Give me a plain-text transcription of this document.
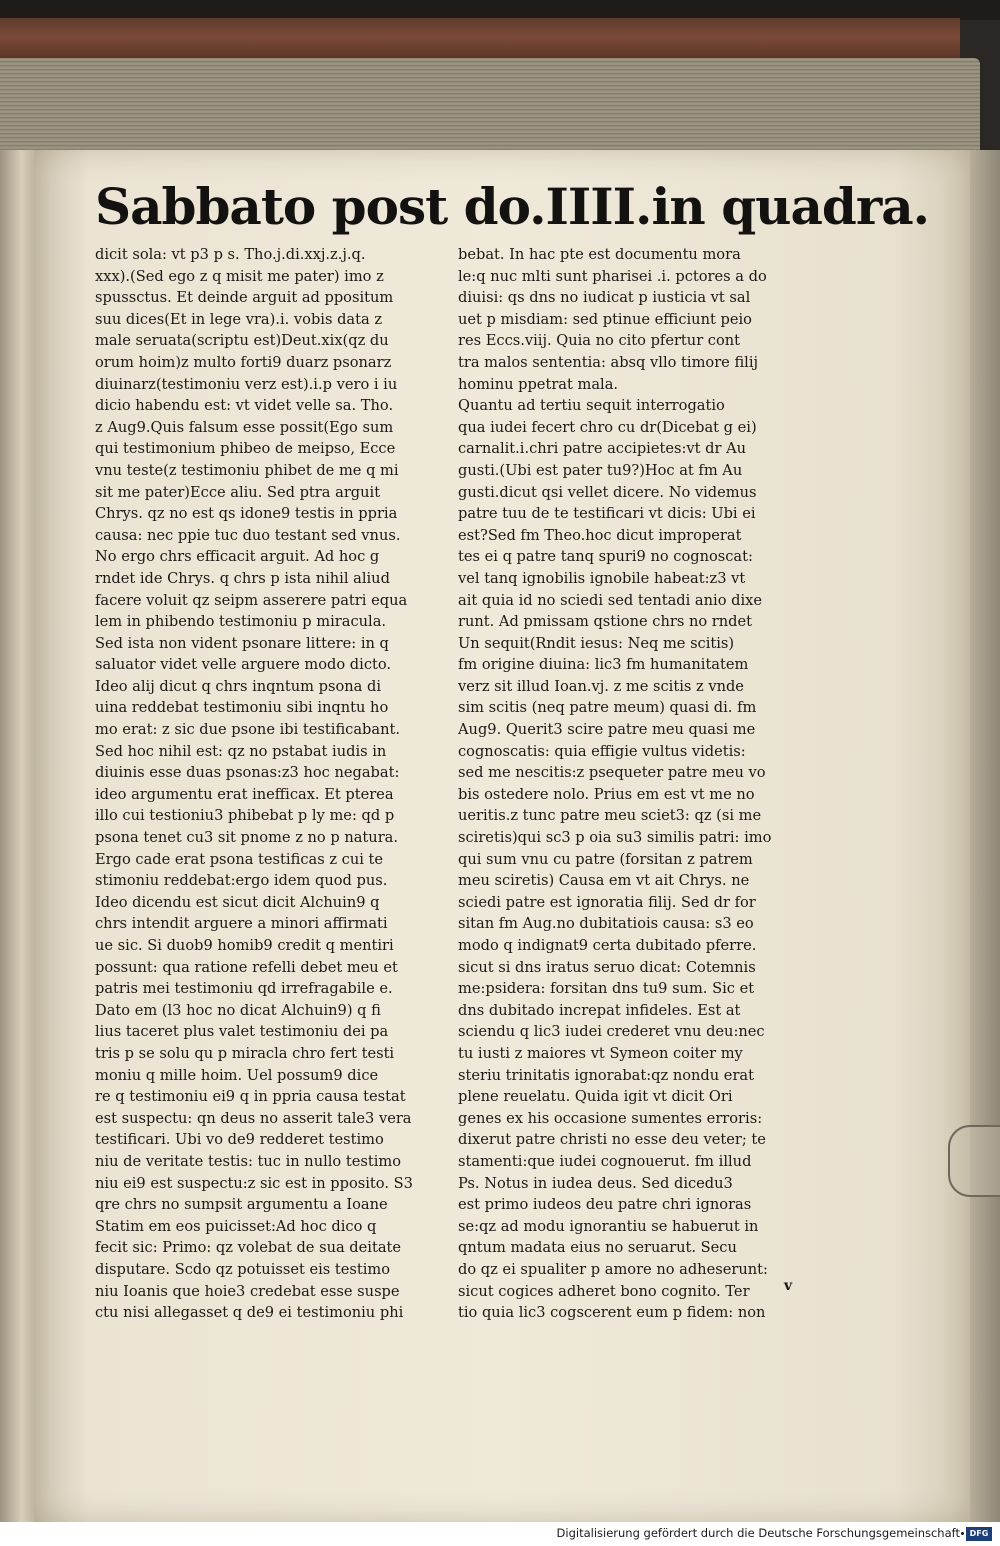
Sabbato post do.IIII.in quadra.
dicit sola: vt p3 p s. Tho.j.di.xxj.z.j.q.
xxx).(Sed ego z q misit me pater) imo z
spussctus. Et deinde arguit ad ppositum
suu dices(Et in lege vra).i. vobis data z
male seruata(scriptu est)Deut.xix(qz du
orum hoim)z multo forti9 duarz psonarz
diuinarz(testimoniu verz est).i.p vero i iu
dicio habendu est: vt videt velle sa. Tho.
z Aug9.Quis falsum esse possit(Ego sum
qui testimonium phibeo de meipso, Ecce
vnu teste(z testimoniu phibet de me q mi
sit me pater)Ecce aliu. Sed ptra arguit
Chrys. qz no est qs idone9 testis in ppria
causa: nec ppie tuc duo testant sed vnus.
No ergo chrs efficacit arguit. Ad hoc g
rndet ide Chrys. q chrs p ista nihil aliud
facere voluit qz seipm asserere patri equa
lem in phibendo testimoniu p miracula.
Sed ista non vident psonare littere: in q
saluator videt velle arguere modo dicto.
Ideo alij dicut q chrs inqntum psona di
uina reddebat testimoniu sibi inqntu ho
mo erat: z sic due psone ibi testificabant.
Sed hoc nihil est: qz no pstabat iudis in
diuinis esse duas psonas:z3 hoc negabat:
ideo argumentu erat inefficax. Et pterea
illo cui testioniu3 phibebat p ly me: qd p
psona tenet cu3 sit pnome z no p natura.
Ergo cade erat psona testificas z cui te
stimoniu reddebat:ergo idem quod pus.
Ideo dicendu est sicut dicit Alchuin9 q
chrs intendit arguere a minori affirmati
ue sic. Si duob9 homib9 credit q mentiri
possunt: qua ratione refelli debet meu et
patris mei testimoniu qd irrefragabile e.
Dato em (l3 hoc no dicat Alchuin9) q fi
lius taceret plus valet testimoniu dei pa
tris p se solu qu p miracla chro fert testi
moniu q mille hoim. Uel possum9 dice
re q testimoniu ei9 q in ppria causa testat
est suspectu: qn deus no asserit tale3 vera
testificari. Ubi vo de9 redderet testimo
niu de veritate testis: tuc in nullo testimo
niu ei9 est suspectu:z sic est in pposito. S3
qre chrs no sumpsit argumentu a Ioane
Statim em eos puicisset:Ad hoc dico q
fecit sic: Primo: qz volebat de sua deitate
disputare. Scdo qz potuisset eis testimo
niu Ioanis que hoie3 credebat esse suspe
ctu nisi allegasset q de9 ei testimoniu phi
bebat. In hac pte est documentu mora
le:q nuc mlti sunt pharisei .i. pctores a do
diuisi: qs dns no iudicat p iusticia vt sal
uet p misdiam: sed ptinue efficiunt peio
res Eccs.viij. Quia no cito pfertur cont
tra malos sententia: absq vllo timore filij
hominu ppetrat mala.
Quantu ad tertiu sequit interrogatio
qua iudei fecert chro cu dr(Dicebat g ei)
carnalit.i.chri patre accipietes:vt dr Au
gusti.(Ubi est pater tu9?)Hoc at fm Au
gusti.dicut qsi vellet dicere. No videmus
patre tuu de te testificari vt dicis: Ubi ei
est?Sed fm Theo.hoc dicut improperat
tes ei q patre tanq spuri9 no cognoscat:
vel tanq ignobilis ignobile habeat:z3 vt
ait quia id no sciedi sed tentadi anio dixe
runt. Ad pmissam qstione chrs no rndet
Un sequit(Rndit iesus: Neq me scitis)
fm origine diuina: lic3 fm humanitatem
verz sit illud Ioan.vj. z me scitis z vnde
sim scitis (neq patre meum) quasi di. fm
Aug9. Querit3 scire patre meu quasi me
cognoscatis: quia effigie vultus videtis:
sed me nescitis:z psequeter patre meu vo
bis ostedere nolo. Prius em est vt me no
ueritis.z tunc patre meu sciet3: qz (si me
sciretis)qui sc3 p oia su3 similis patri: imo
qui sum vnu cu patre (forsitan z patrem
meu sciretis) Causa em vt ait Chrys. ne
sciedi patre est ignoratia filij. Sed dr for
sitan fm Aug.no dubitatiois causa: s3 eo
modo q indignat9 certa dubitado pferre.
sicut si dns iratus seruo dicat: Cotemnis
me:psidera: forsitan dns tu9 sum. Sic et
dns dubitado increpat infideles. Est at
sciendu q lic3 iudei crederet vnu deu:nec
tu iusti z maiores vt Symeon coiter my
steriu trinitatis ignorabat:qz nondu erat
plene reuelatu. Quida igit vt dicit Ori
genes ex his occasione sumentes erroris:
dixerut patre christi no esse deu veter; te
stamenti:que iudei cognouerut. fm illud
Ps. Notus in iudea deus. Sed dicedu3
est primo iudeos deu patre chri ignoras
se:qz ad modu ignorantiu se habuerut in
qntum madata eius no seruarut. Secu
do qz ei spualiter p amore no adheserunt:
sicut cogices adheret bono cognito. Ter
tio quia lic3 cogscerent eum p fidem: non

v

Digitalisierung gefördert durch die Deutsche Forschungsgemeinschaft	DFG
